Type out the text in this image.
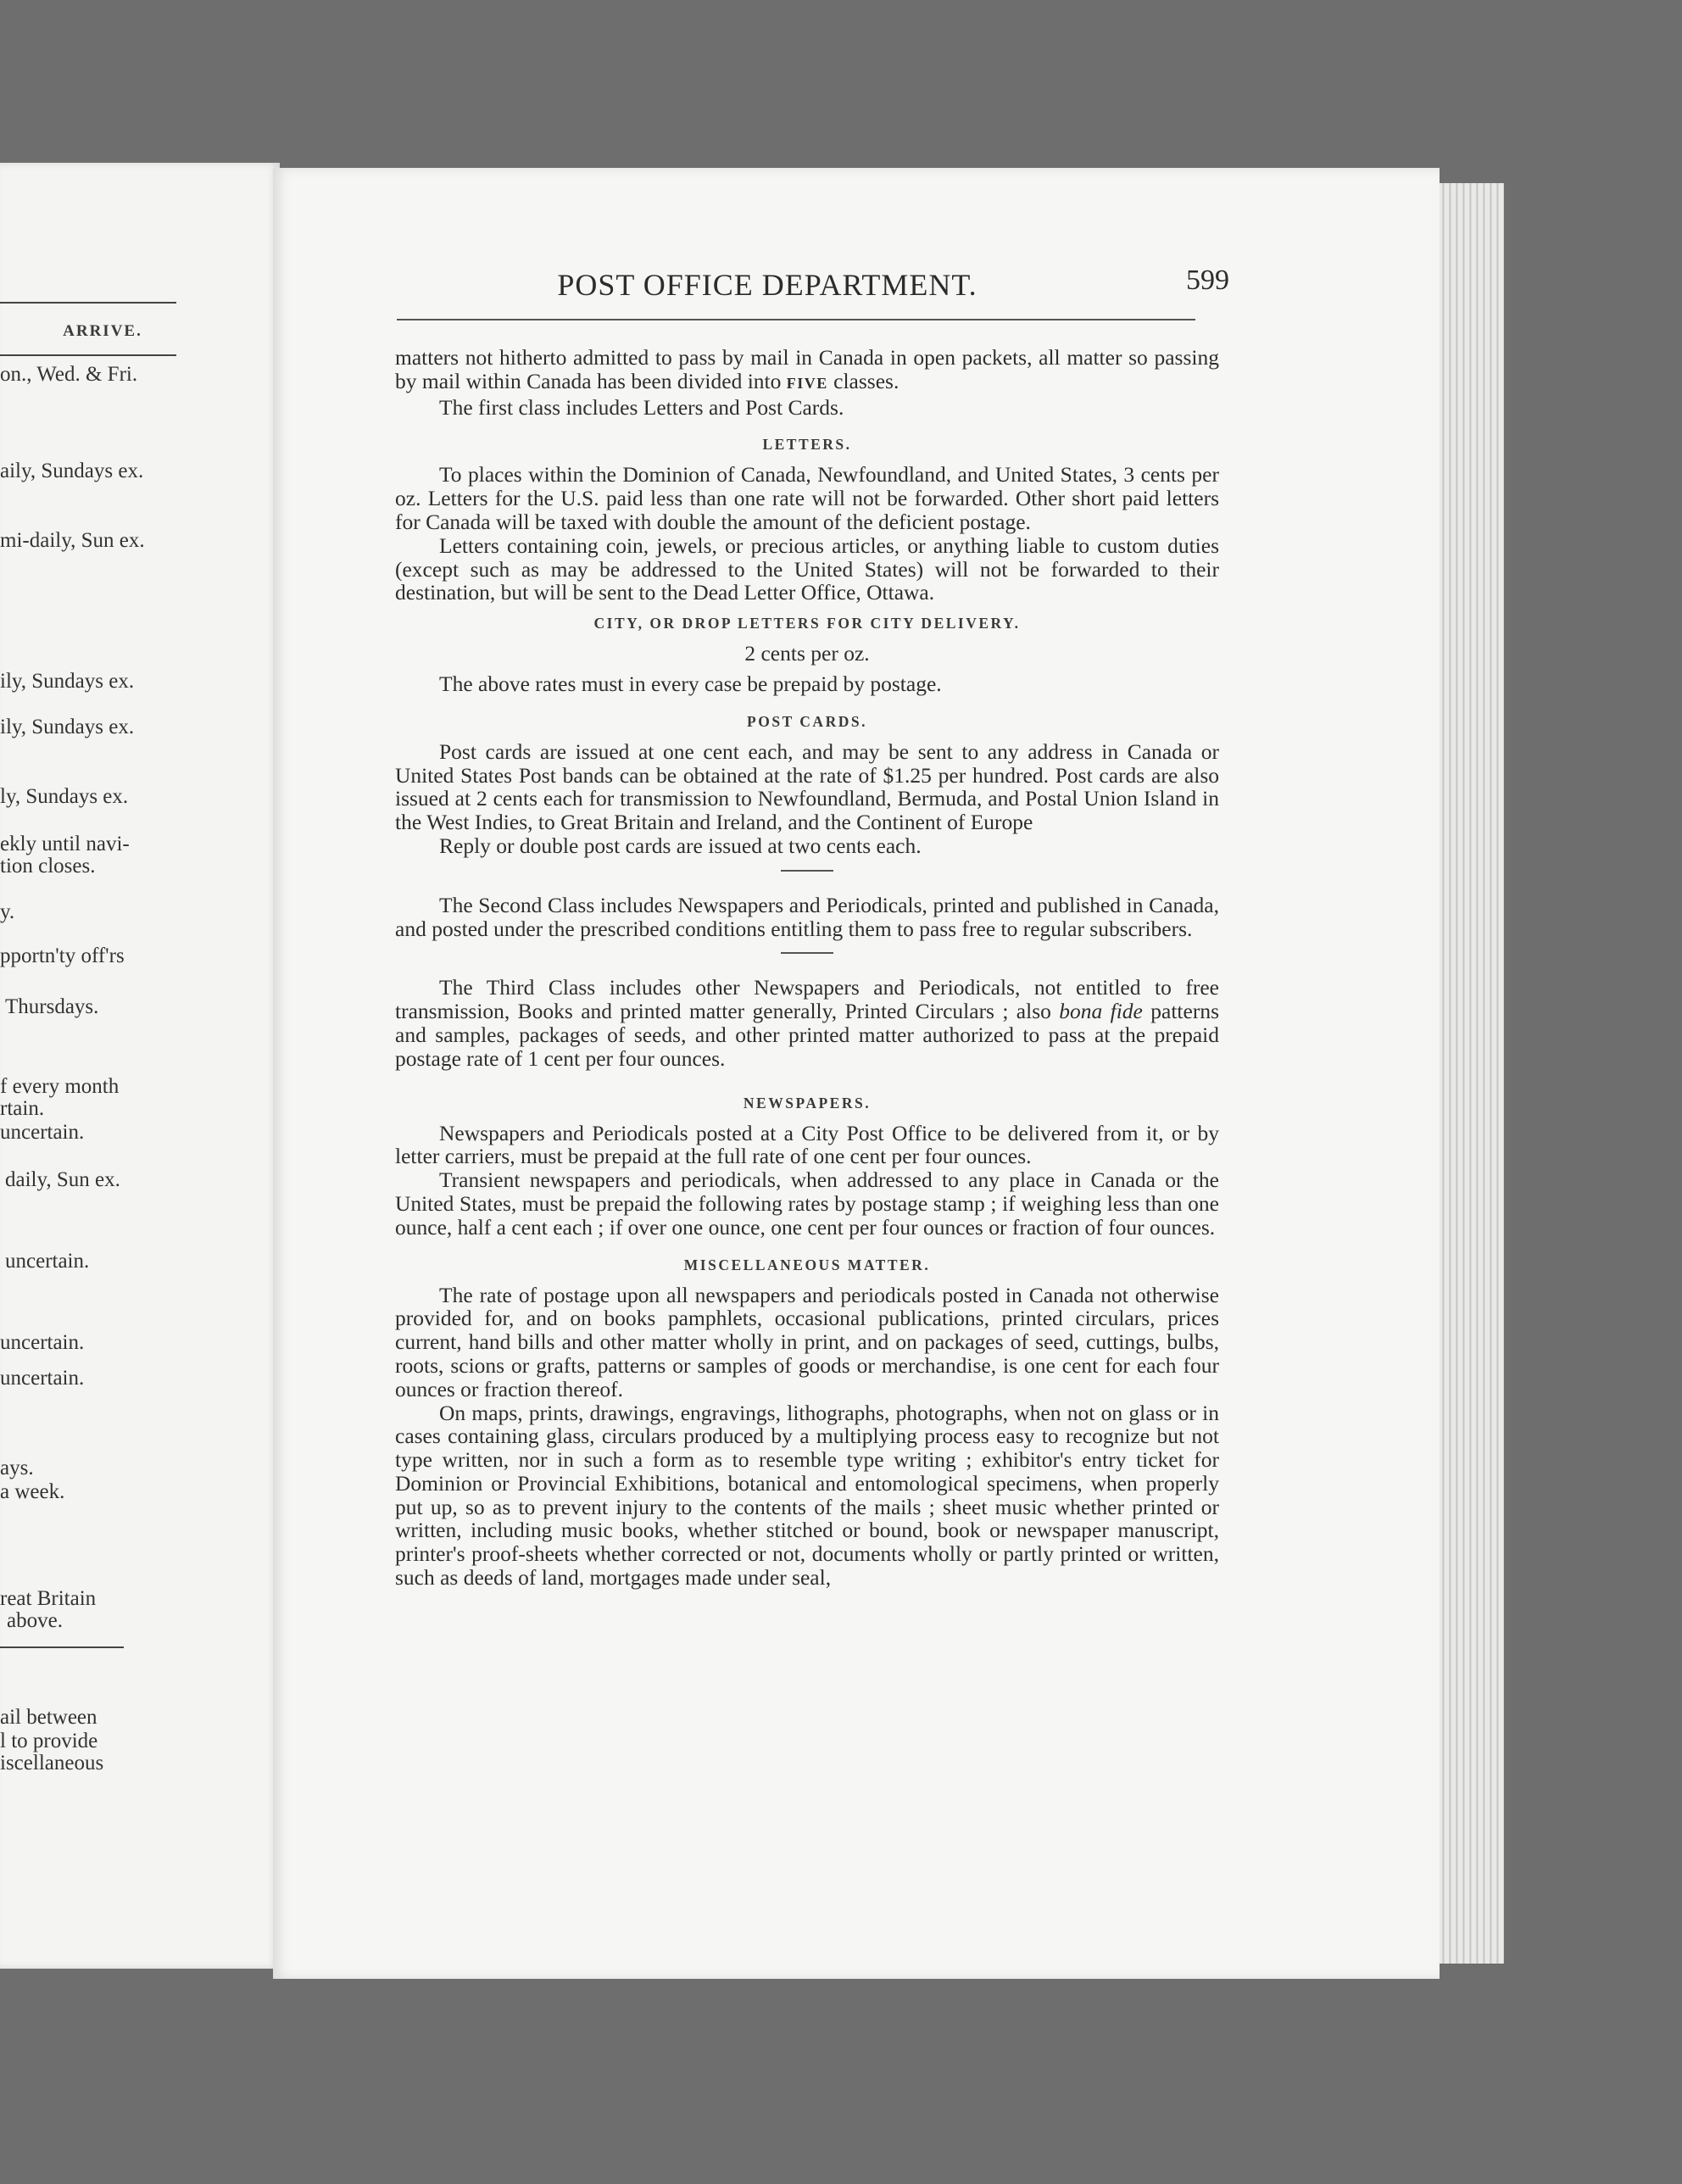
ARRIVE.
on., Wed. & Fri.
aily, Sundays ex.
mi-daily, Sun ex.
ily, Sundays ex.
ily, Sundays ex.
ly, Sundays ex.
ekly until navi-
tion closes.
y.
pportn'ty off'rs
Thursdays.
f every month
rtain.
uncertain.
daily, Sun ex.
uncertain.
uncertain.
uncertain.
ays.
a week.
reat Britain
above.
ail between
l to provide
iscellaneous
POST OFFICE DEPARTMENT.	599

matters not hitherto admitted to pass by mail in Canada in open packets, all matter so passing by mail within Canada has been divided into FIVE classes.

The first class includes Letters and Post Cards.

LETTERS.

To places within the Dominion of Canada, Newfoundland, and United States, 3 cents per oz. Letters for the U.S. paid less than one rate will not be forwarded. Other short paid letters for Canada will be taxed with double the amount of the deficient postage.

Letters containing coin, jewels, or precious articles, or anything liable to custom duties (except such as may be addressed to the United States) will not be forwarded to their destination, but will be sent to the Dead Letter Office, Ottawa.

CITY, OR DROP LETTERS FOR CITY DELIVERY.
2 cents per oz.

The above rates must in every case be prepaid by postage.

POST CARDS.

Post cards are issued at one cent each, and may be sent to any address in Canada or United States Post bands can be obtained at the rate of $1.25 per hundred. Post cards are also issued at 2 cents each for transmission to Newfoundland, Bermuda, and Postal Union Island in the West Indies, to Great Britain and Ireland, and the Continent of Europe

Reply or double post cards are issued at two cents each.

The Second Class includes Newspapers and Periodicals, printed and published in Canada, and posted under the prescribed conditions entitling them to pass free to regular subscribers.

The Third Class includes other Newspapers and Periodicals, not entitled to free transmission, Books and printed matter generally, Printed Circulars ; also bona fide patterns and samples, packages of seeds, and other printed matter authorized to pass at the prepaid postage rate of 1 cent per four ounces.

NEWSPAPERS.

Newspapers and Periodicals posted at a City Post Office to be delivered from it, or by letter carriers, must be prepaid at the full rate of one cent per four ounces.

Transient newspapers and periodicals, when addressed to any place in Canada or the United States, must be prepaid the following rates by postage stamp ; if weighing less than one ounce, half a cent each ; if over one ounce, one cent per four ounces or fraction of four ounces.

MISCELLANEOUS MATTER.

The rate of postage upon all newspapers and periodicals posted in Canada not otherwise provided for, and on books pamphlets, occasional publications, printed circulars, prices current, hand bills and other matter wholly in print, and on packages of seed, cuttings, bulbs, roots, scions or grafts, patterns or samples of goods or merchandise, is one cent for each four ounces or fraction thereof.

On maps, prints, drawings, engravings, lithographs, photographs, when not on glass or in cases containing glass, circulars produced by a multiplying process easy to recognize but not type written, nor in such a form as to resemble type writing ; exhibitor's entry ticket for Dominion or Provincial Exhibitions, botanical and entomological specimens, when properly put up, so as to prevent injury to the contents of the mails ; sheet music whether printed or written, including music books, whether stitched or bound, book or newspaper manuscript, printer's proof-sheets whether corrected or not, documents wholly or partly printed or written, such as deeds of land, mortgages made under seal,
